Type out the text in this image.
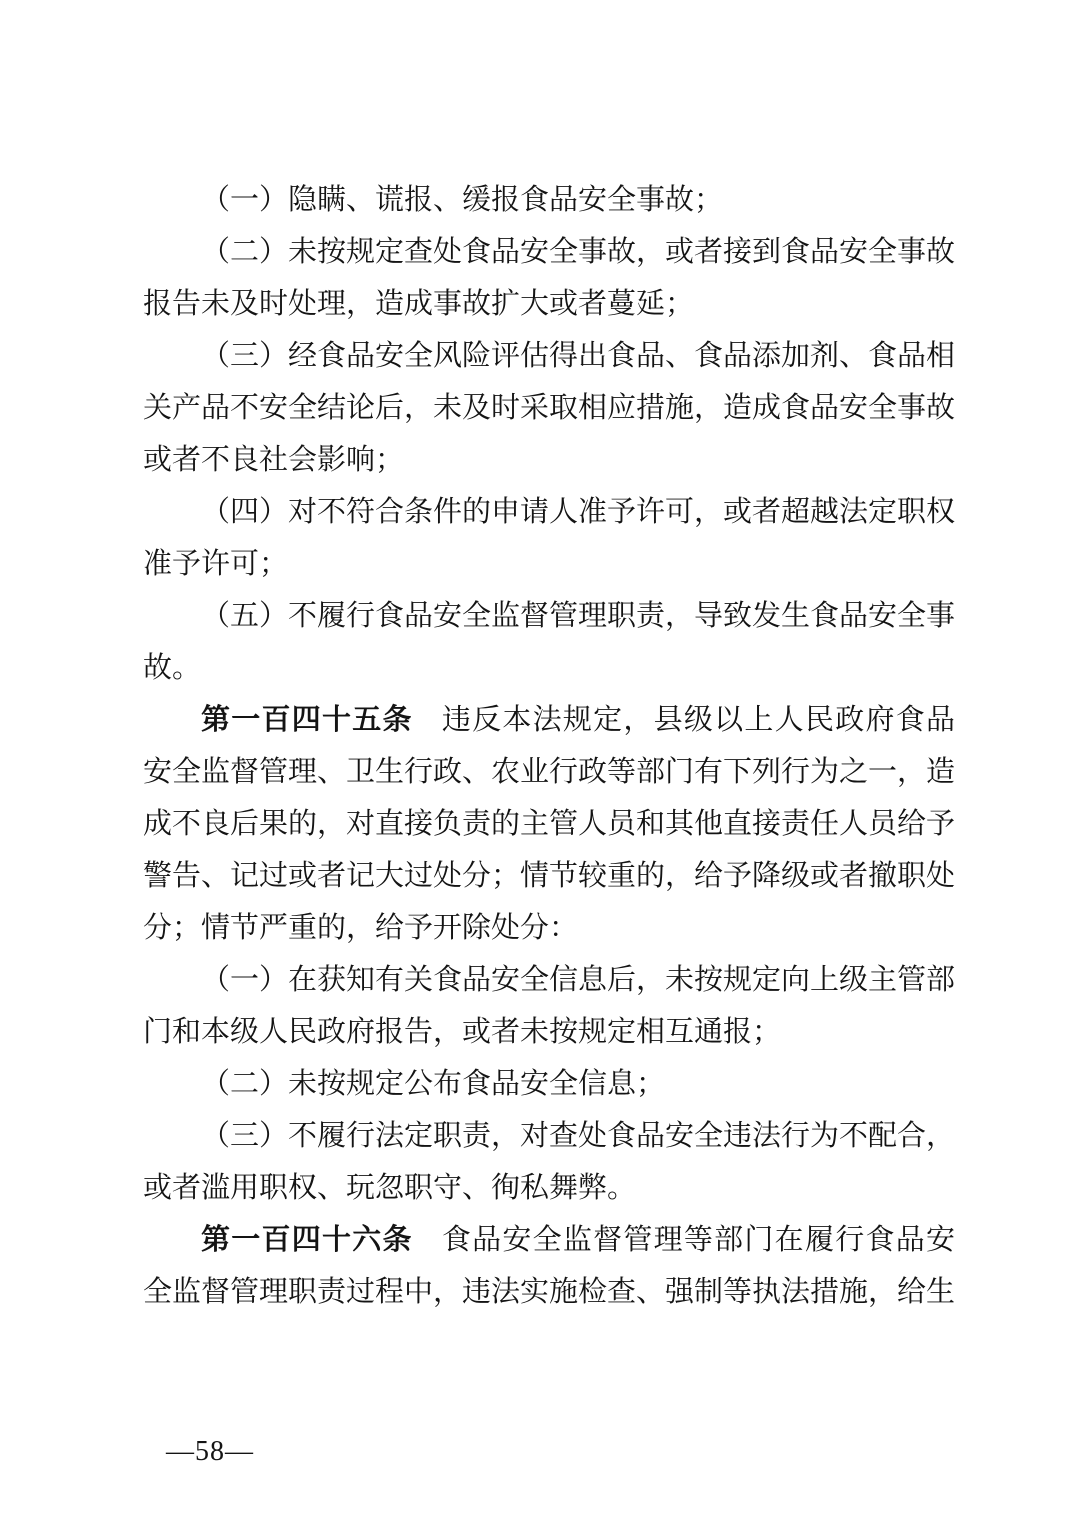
（一）隐瞒、谎报、缓报食品安全事故；

（二）未按规定查处食品安全事故，或者接到食品安全事故报告未及时处理，造成事故扩大或者蔓延；

（三）经食品安全风险评估得出食品、食品添加剂、食品相关产品不安全结论后，未及时采取相应措施，造成食品安全事故或者不良社会影响；

（四）对不符合条件的申请人准予许可，或者超越法定职权准予许可；

（五）不履行食品安全监督管理职责，导致发生食品安全事故。

第一百四十五条 违反本法规定，县级以上人民政府食品安全监督管理、卫生行政、农业行政等部门有下列行为之一，造成不良后果的，对直接负责的主管人员和其他直接责任人员给予警告、记过或者记大过处分；情节较重的，给予降级或者撤职处分；情节严重的，给予开除处分：

（一）在获知有关食品安全信息后，未按规定向上级主管部门和本级人民政府报告，或者未按规定相互通报；

（二）未按规定公布食品安全信息；

（三）不履行法定职责，对查处食品安全违法行为不配合，或者滥用职权、玩忽职守、徇私舞弊。

第一百四十六条 食品安全监督管理等部门在履行食品安全监督管理职责过程中，违法实施检查、强制等执法措施，给生

—58—
